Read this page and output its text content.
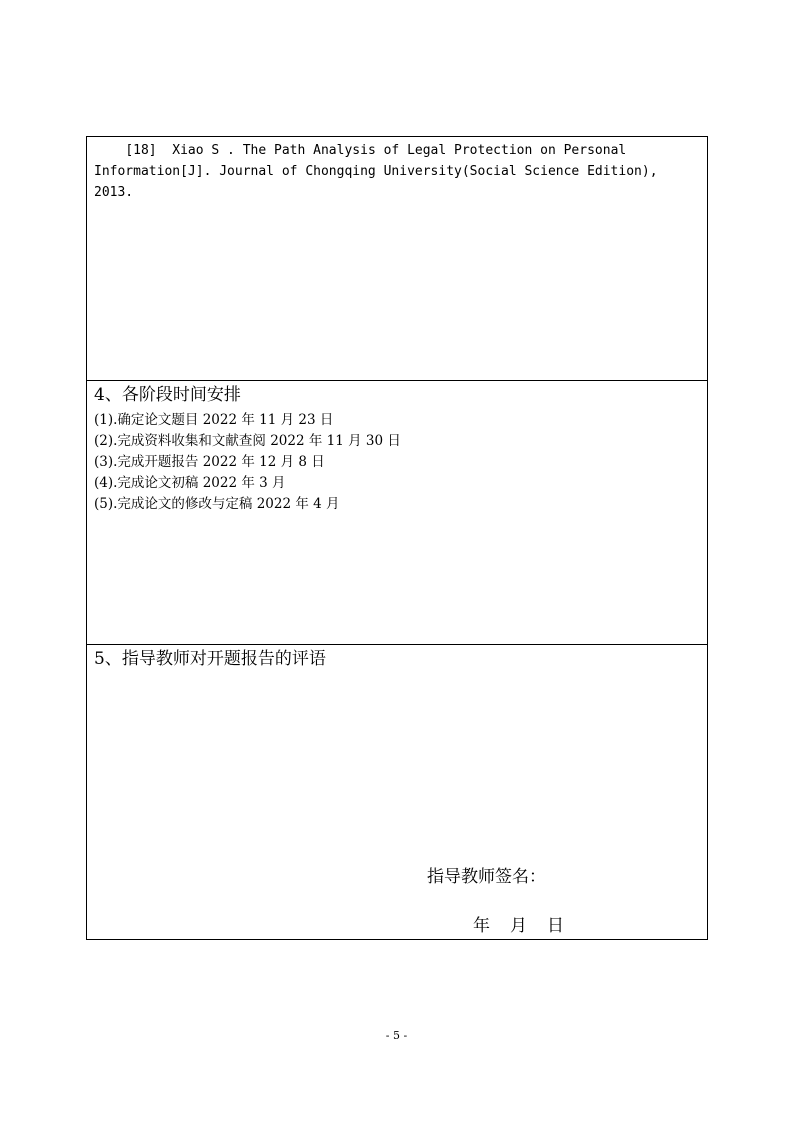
[18]  Xiao S . The Path Analysis of Legal Protection on Personal Information[J]. Journal of Chongqing University(Social Science Edition), 2013.

4、各阶段时间安排
(1).确定论文题目 2022 年 11 月 23 日
(2).完成资料收集和文献查阅 2022 年 11 月 30 日
(3).完成开题报告 2022 年 12 月 8 日
(4).完成论文初稿 2022 年 3 月
(5).完成论文的修改与定稿 2022 年 4 月
5、指导教师对开题报告的评语
指导教师签名：
年 月 日
- 5 -
